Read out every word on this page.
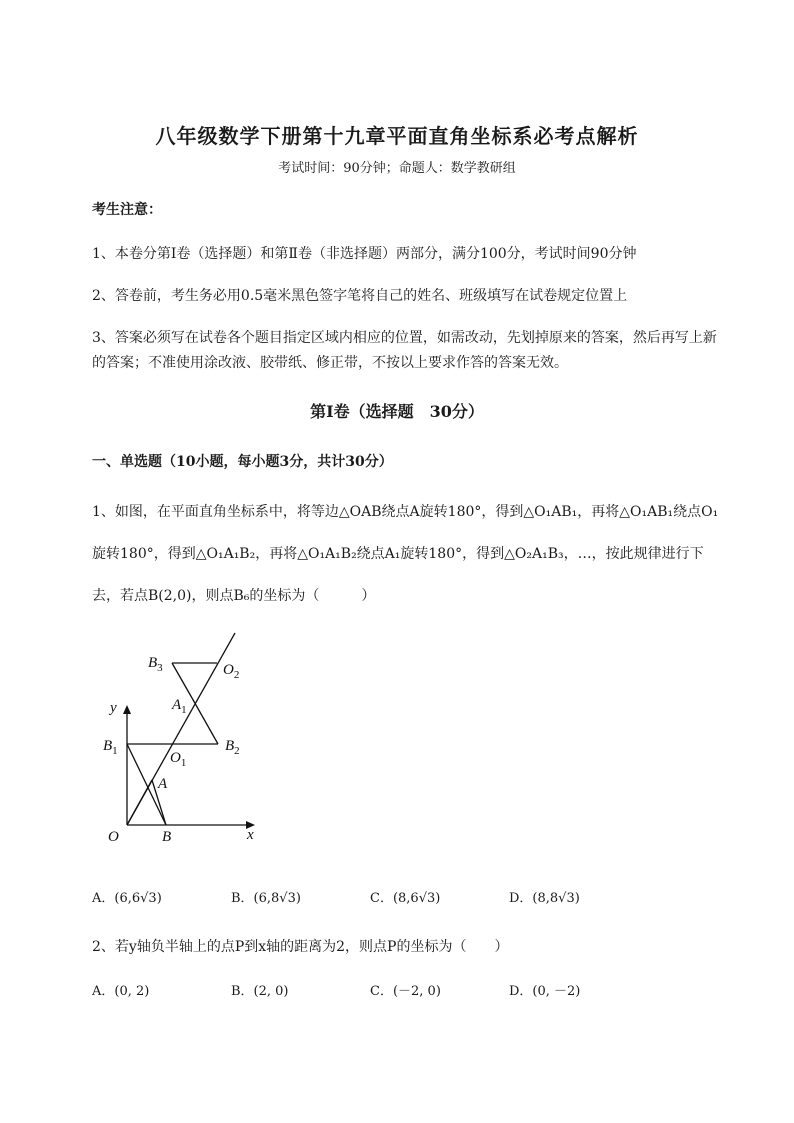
八年级数学下册第十九章平面直角坐标系必考点解析
考试时间：90分钟；命题人：数学教研组
考生注意：
1、本卷分第Ⅰ卷（选择题）和第Ⅱ卷（非选择题）两部分，满分100分，考试时间90分钟
2、答卷前，考生务必用0.5毫米黑色签字笔将自己的姓名、班级填写在试卷规定位置上
3、答案必须写在试卷各个题目指定区域内相应的位置，如需改动，先划掉原来的答案，然后再写上新
的答案；不准使用涂改液、胶带纸、修正带，不按以上要求作答的答案无效。
第Ⅰ卷（选择题　30分）
一、单选题（10小题，每小题3分，共计30分）
1、如图，在平面直角坐标系中，将等边△OAB绕点A旋转180°，得到△O₁AB₁，再将△O₁AB₁绕点O₁
旋转180°，得到△O₁A₁B₂，再将△O₁A₁B₂绕点A₁旋转180°，得到△O₂A₁B₃，…，按此规律进行下
去，若点B(2,0)，则点B₆的坐标为（　　　）
$B_3$	$O_2$
$A_1$
y
$B_1$	$B_2$
$O_1$
A
O	B	x
A．(6,6√3)	B．(6,8√3)	C．(8,6√3)	D．(8,8√3)
2、若y轴负半轴上的点P到x轴的距离为2，则点P的坐标为（　　）
A．(0, 2)	B．(2, 0)	C．(－2, 0)	D．(0, －2)
